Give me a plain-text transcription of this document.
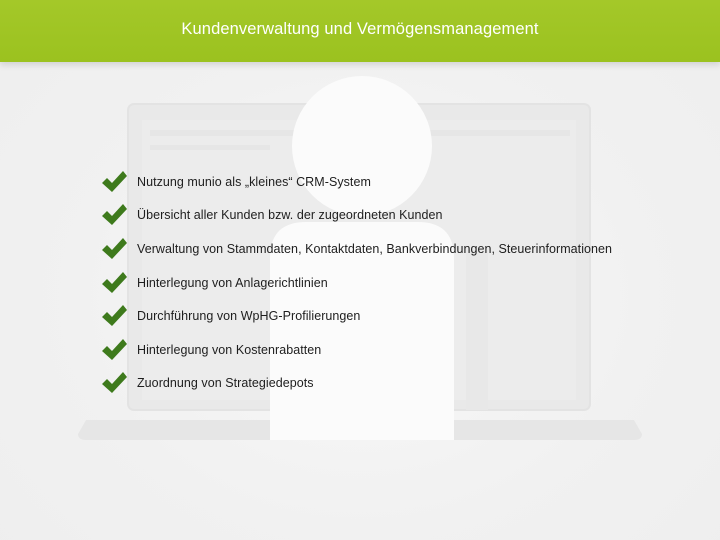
Kundenverwaltung und Vermögensmanagement
Nutzung munio als „kleines“ CRM-System
Übersicht aller Kunden bzw. der zugeordneten Kunden
Verwaltung von Stammdaten, Kontaktdaten, Bankverbindungen, Steuerinformationen
Hinterlegung von Anlagerichtlinien
Durchführung von WpHG-Profilierungen
Hinterlegung von Kostenrabatten
Zuordnung von Strategiedepots
